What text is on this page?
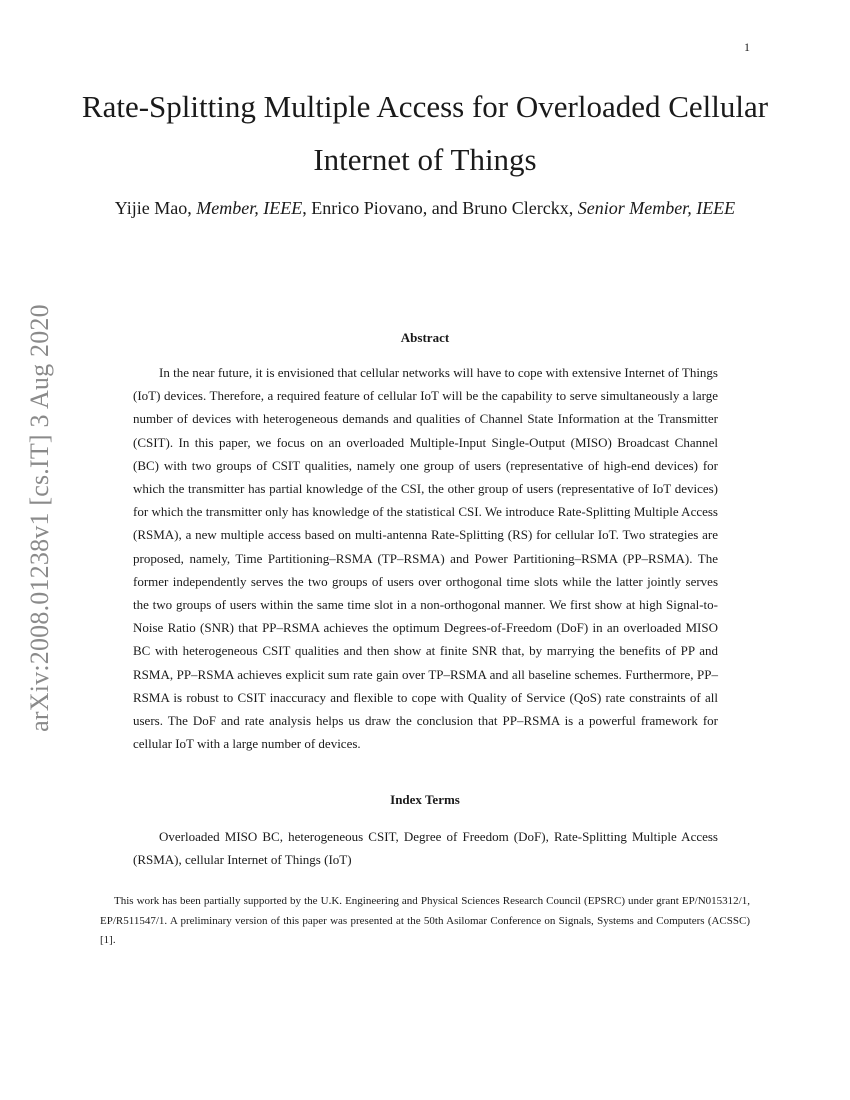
1
arXiv:2008.01238v1 [cs.IT] 3 Aug 2020
Rate-Splitting Multiple Access for Overloaded Cellular Internet of Things
Yijie Mao, Member, IEEE, Enrico Piovano, and Bruno Clerckx, Senior Member, IEEE
Abstract

In the near future, it is envisioned that cellular networks will have to cope with extensive Internet of Things (IoT) devices. Therefore, a required feature of cellular IoT will be the capability to serve simultaneously a large number of devices with heterogeneous demands and qualities of Channel State Information at the Transmitter (CSIT). In this paper, we focus on an overloaded Multiple-Input Single-Output (MISO) Broadcast Channel (BC) with two groups of CSIT qualities, namely one group of users (representative of high-end devices) for which the transmitter has partial knowledge of the CSI, the other group of users (representative of IoT devices) for which the transmitter only has knowledge of the statistical CSI. We introduce Rate-Splitting Multiple Access (RSMA), a new multiple access based on multi-antenna Rate-Splitting (RS) for cellular IoT. Two strategies are proposed, namely, Time Partitioning–RSMA (TP–RSMA) and Power Partitioning–RSMA (PP–RSMA). The former independently serves the two groups of users over orthogonal time slots while the latter jointly serves the two groups of users within the same time slot in a non-orthogonal manner. We first show at high Signal-to-Noise Ratio (SNR) that PP–RSMA achieves the optimum Degrees-of-Freedom (DoF) in an overloaded MISO BC with heterogeneous CSIT qualities and then show at finite SNR that, by marrying the benefits of PP and RSMA, PP–RSMA achieves explicit sum rate gain over TP–RSMA and all baseline schemes. Furthermore, PP–RSMA is robust to CSIT inaccuracy and flexible to cope with Quality of Service (QoS) rate constraints of all users. The DoF and rate analysis helps us draw the conclusion that PP–RSMA is a powerful framework for cellular IoT with a large number of devices.

Index Terms

Overloaded MISO BC, heterogeneous CSIT, Degree of Freedom (DoF), Rate-Splitting Multiple Access (RSMA), cellular Internet of Things (IoT)

This work has been partially supported by the U.K. Engineering and Physical Sciences Research Council (EPSRC) under grant EP/N015312/1, EP/R511547/1. A preliminary version of this paper was presented at the 50th Asilomar Conference on Signals, Systems and Computers (ACSSC) [1].
